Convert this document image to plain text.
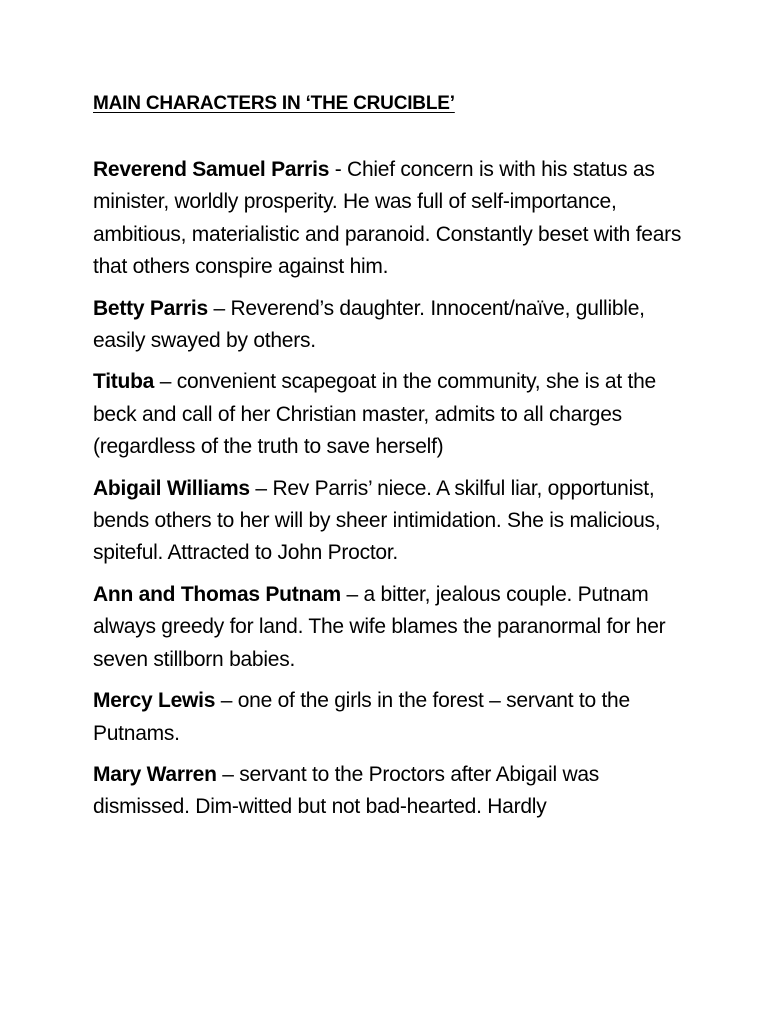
MAIN CHARACTERS IN ‘THE CRUCIBLE’

Reverend Samuel Parris - Chief concern is with his status as minister, worldly prosperity. He was full of self-importance, ambitious, materialistic and paranoid. Constantly beset with fears that others conspire against him.

Betty Parris – Reverend’s daughter. Innocent/naïve, gullible, easily swayed by others.

Tituba – convenient scapegoat in the community, she is at the beck and call of her Christian master, admits to all charges (regardless of the truth to save herself)

Abigail Williams – Rev Parris’ niece. A skilful liar, opportunist, bends others to her will by sheer intimidation. She is malicious, spiteful. Attracted to John Proctor.

Ann and Thomas Putnam – a bitter, jealous couple. Putnam always greedy for land. The wife blames the paranormal for her seven stillborn babies.

Mercy Lewis – one of the girls in the forest – servant to the Putnams.

Mary Warren – servant to the Proctors after Abigail was dismissed. Dim-witted but not bad-hearted. Hardly
